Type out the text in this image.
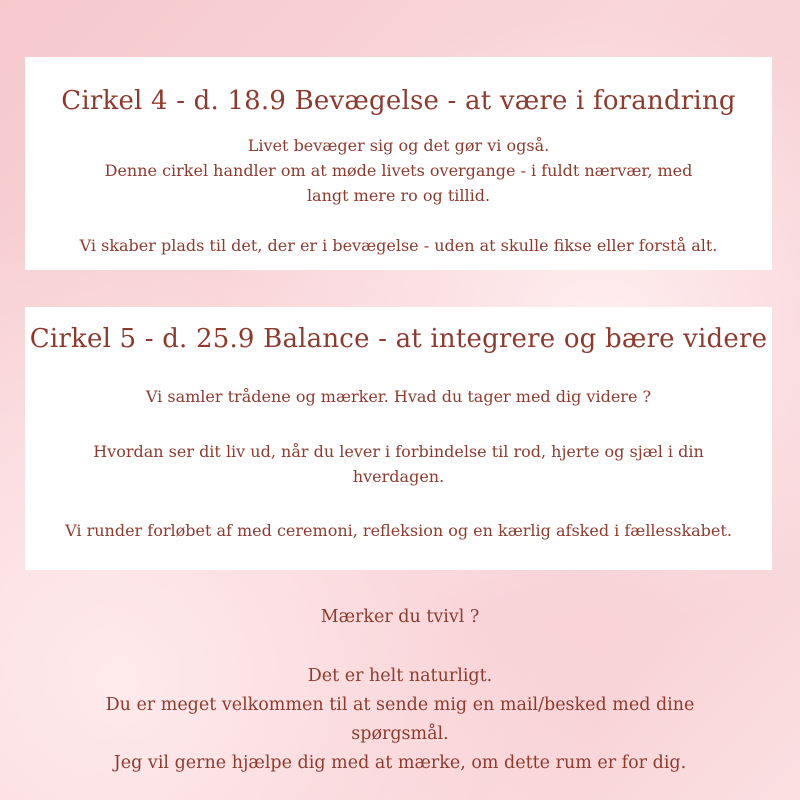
Cirkel 4 - d. 18.9 Bevægelse - at være i forandring
Livet bevæger sig og det gør vi også.
Denne cirkel handler om at møde livets overgange - i fuldt nærvær, med langt mere ro og tillid.
Vi skaber plads til det, der er i bevægelse - uden at skulle fikse eller forstå alt.
Cirkel 5 - d. 25.9 Balance - at integrere og bære videre
Vi samler trådene og mærker. Hvad du tager med dig videre ?
Hvordan ser dit liv ud, når du lever i forbindelse til rod, hjerte og sjæl i din hverdagen.
Vi runder forløbet af med ceremoni, refleksion og en kærlig afsked i fællesskabet.
Mærker du tvivl ?
Det er helt naturligt.
Du er meget velkommen til at sende mig en mail/besked med dine spørgsmål.
Jeg vil gerne hjælpe dig med at mærke, om dette rum er for dig.
